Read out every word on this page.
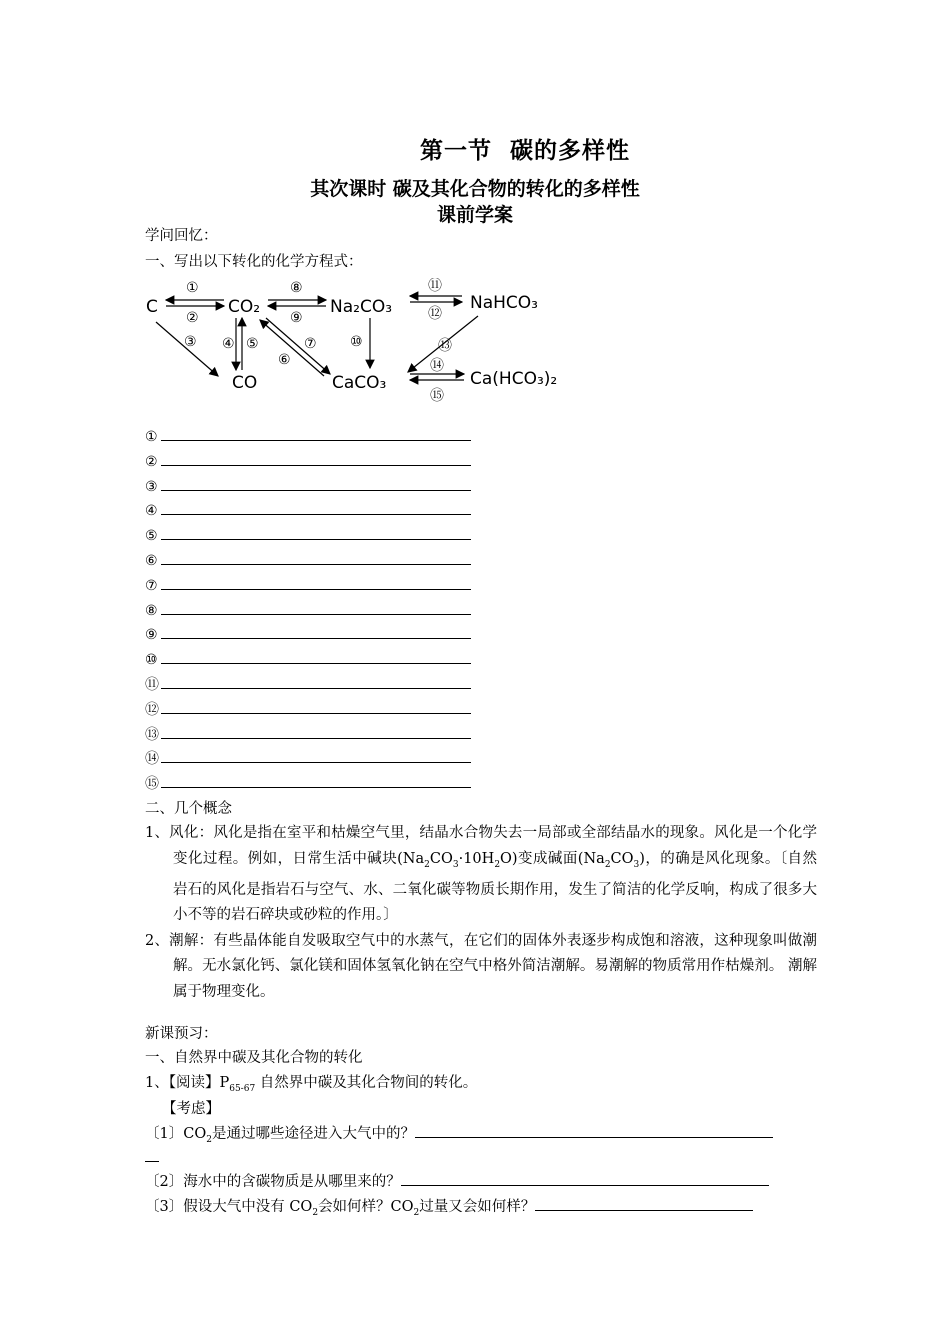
第一节 碳的多样性
其次课时 碳及其化合物的转化的多样性
课前学案
学问回忆：
一、写出以下转化的化学方程式：
C	CO₂	Na₂CO₃	NaHCO₃
CO	CaCO₃	Ca(HCO₃)₂
①
②
③ ④ ⑤
⑥
⑦
⑧
⑨
⑩
⑪
⑫
⑬
⑭
⑮
①
②
③
④
⑤
⑥
⑦
⑧
⑨
⑩
⑪
⑫
⑬
⑭
⑮
二、几个概念
1、风化：风化是指在室平和枯燥空气里，结晶水合物失去一局部或全部结晶水的现象。风化是一个化学变化过程。例如，日常生活中碱块$(Na_2CO_3\cdot 10H_2O)$变成碱面$(Na_2CO_3)$，的确是风化现象。〔自然岩石的风化是指岩石与空气、水、二氧化碳等物质长期作用，发生了简洁的化学反响，构成了很多大小不等的岩石碎块或砂粒的作用。〕
2、潮解：有些晶体能自发吸取空气中的水蒸气，在它们的固体外表逐步构成饱和溶液，这种现象叫做潮解。无水氯化钙、氯化镁和固体氢氧化钠在空气中格外简洁潮解。易潮解的物质常用作枯燥剂。 潮解属于物理变化。
新课预习：
一、自然界中碳及其化合物的转化
1、【阅读】$P_{65-67}$ 自然界中碳及其化合物间的转化。
【考虑】
〔1〕$CO_2$是通过哪些途径进入大气中的？
〔2〕海水中的含碳物质是从哪里来的？
〔3〕假设大气中没有 $CO_2$会如何样？$CO_2$过量又会如何样？
